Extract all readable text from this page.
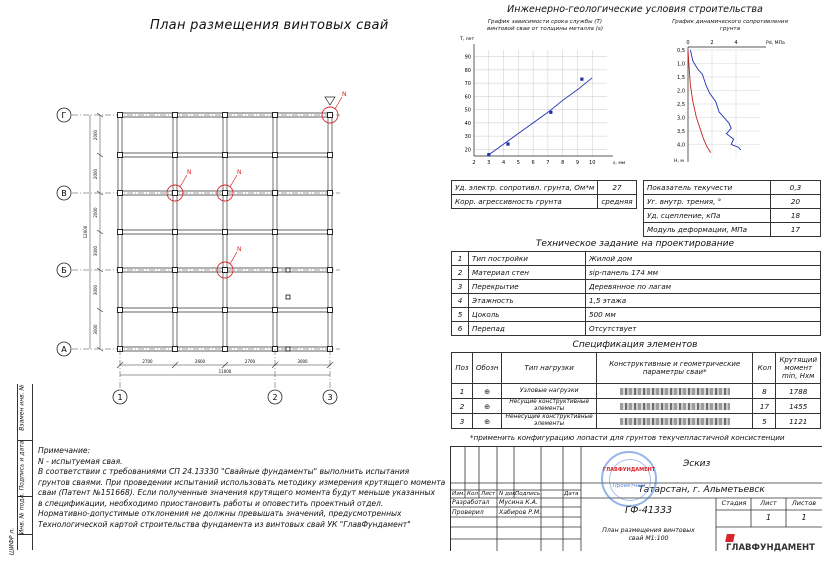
Взамен инв. №
Подпись и дата
Инв. № подл.
ШИФР л.
План размещения винтовых свай
Г
В
Б
А
N	N
N
N
2000
2000
2000
3000
3000
3000
12000
2700	2600	2700	3000
11000
1	2	3
Примечание:
N - испытуемая свая.
В соответствии с требованиями СП 24.13330 "Свайные фундаменты" выполнить испытания
грунтов сваями. При проведении испытаний использовать методику измерения крутящего момента
сваи (Патент №151668). Если полученные значения крутящего момента будут меньше указанных
в спецификации, необходимо приостановить работы и оповестить проектный отдел.
Нормативно-допустимые отклонения не должны превышать значений, предусмотренных
Технологической картой строительства фундамента из винтовых свай УК "ГлавФундамент"
Инженерно-геологические условия строительства
График зависимости срока службы (Т) винтовой сваи от толщины металла (s)
20
30
40
50
60
70
80
90
2 3 4 5 6 7 8 9 10	s, мм
Т, лет
График динамического сопротивления грунта
0,5
1,0
1,5
2,0
2,5
3,0
3,5
4,0
0	2	4	Pd, МПа
Н, м
Уд. электр. сопротивл. грунта, Ом*м	27
Корр. агрессивность грунта	средняя
Показатель текучести	0,3
Уг. внутр. трения, °	20
Уд. сцепление, кПа	18
Модуль деформации, МПа	17
Техническое задание на проектирование
1	Тип постройки	Жилой дом
2	Материал стен	sip-панель 174 мм
3	Перекрытие	Деревянное по лагам
4	Этажность	1,5 этажа
5	Цоколь	500 мм
6	Перепад	Отсутствует
Спецификация элементов
Поз	Обозн	Тип нагрузки	Конструктивные и геометрические параметры сваи*	Кол	Крутящий момент min, Нхм
1	⊕	Узловые нагрузки		8	1788
2	⊕	Несущие конструктивные элементы		17	1455
3	⊕	Ненесущие конструктивные элементы		5	1121
*применить конфигурацию лопасти для грунтов текучепластичной консистенции
Эскиз
Татарстан, г. Альметьевск
Изм. Кол. Лист N док.
Подпись	Дата
Разработал Мусина К.А.
Проверил Хабиров Р.М.	ГФ-41333
План размещения винтовых свай М1:100
Стадия	Лист	Листов
1	1
ГЛАВФУНДАМЕНТ
ГЛАВФУНДАМЕНТ
Проектный
